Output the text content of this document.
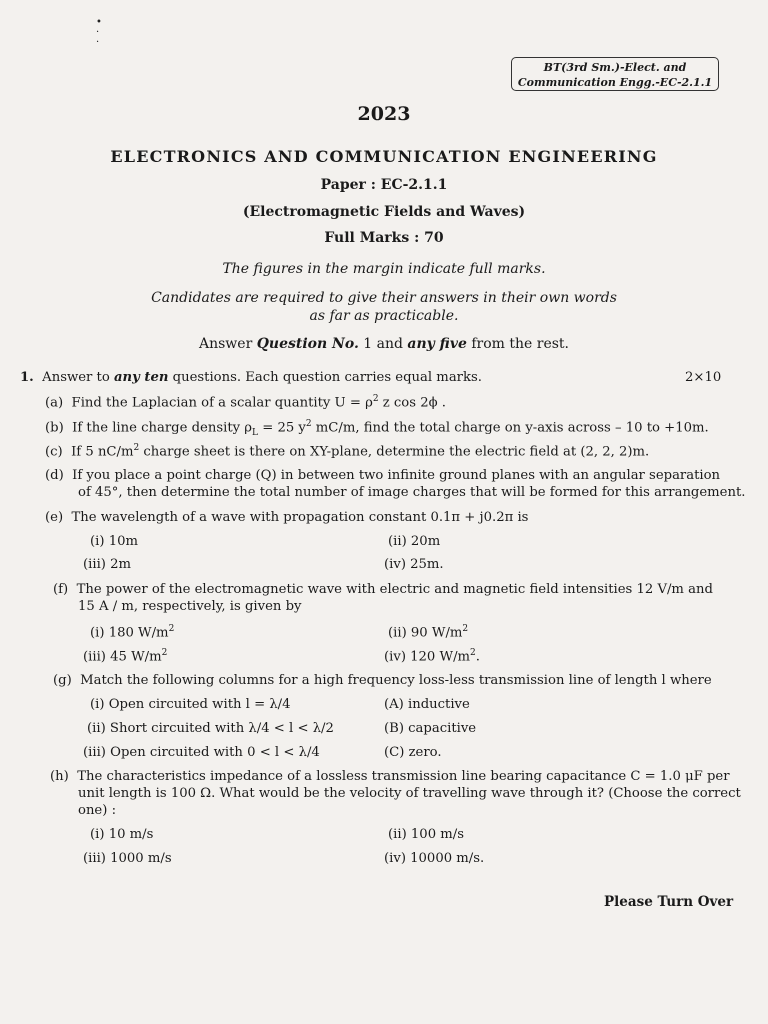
•
·
·
BT(3rd Sm.)-Elect. and
Communication Engg.-EC-2.1.1
2023
ELECTRONICS AND COMMUNICATION ENGINEERING
Paper : EC-2.1.1
(Electromagnetic Fields and Waves)
Full Marks : 70
The figures in the margin indicate full marks.
Candidates are required to give their answers in their own words
as far as practicable.
Answer Question No. 1 and any five from the rest.
1. Answer to any ten questions. Each question carries equal marks.	2×10
(a) Find the Laplacian of a scalar quantity $U = \rho^2$ z cos 2ϕ .
(b) If the line charge density $\rho_L = 25$ $y^2$ mC/m, find the total charge on y-axis across – 10 to +10m.
(c) If 5 $nC/m^2$ charge sheet is there on XY-plane, determine the electric field at (2, 2, 2)m.
(d) If you place a point charge (Q) in between two infinite ground planes with an angular separation
of 45°, then determine the total number of image charges that will be formed for this arrangement.
(e) The wavelength of a wave with propagation constant 0.1π + j0.2π is
(i) 10m	(ii) 20m
(iii) 2m	(iv) 25m.
(f) The power of the electromagnetic wave with electric and magnetic field intensities 12 V/m and
15 A / m, respectively, is given by
(i) 180 $W/m^2$	(ii) 90 $W/m^2$
(iii) 45 $W/m^2$	(iv) 120 $W/m^2$.
(g) Match the following columns for a high frequency loss-less transmission line of length l where
(i) Open circuited with l = λ/4	(A) inductive
(ii) Short circuited with λ/4 < l < λ/2	(B) capacitive
(iii) Open circuited with 0 < l < λ/4	(C) zero.
(h) The characteristics impedance of a lossless transmission line bearing capacitance C = 1.0 μF per
unit length is 100 Ω. What would be the velocity of travelling wave through it? (Choose the correct
one) :
(i) 10 m/s	(ii) 100 m/s
(iii) 1000 m/s	(iv) 10000 m/s.
Please Turn Over
